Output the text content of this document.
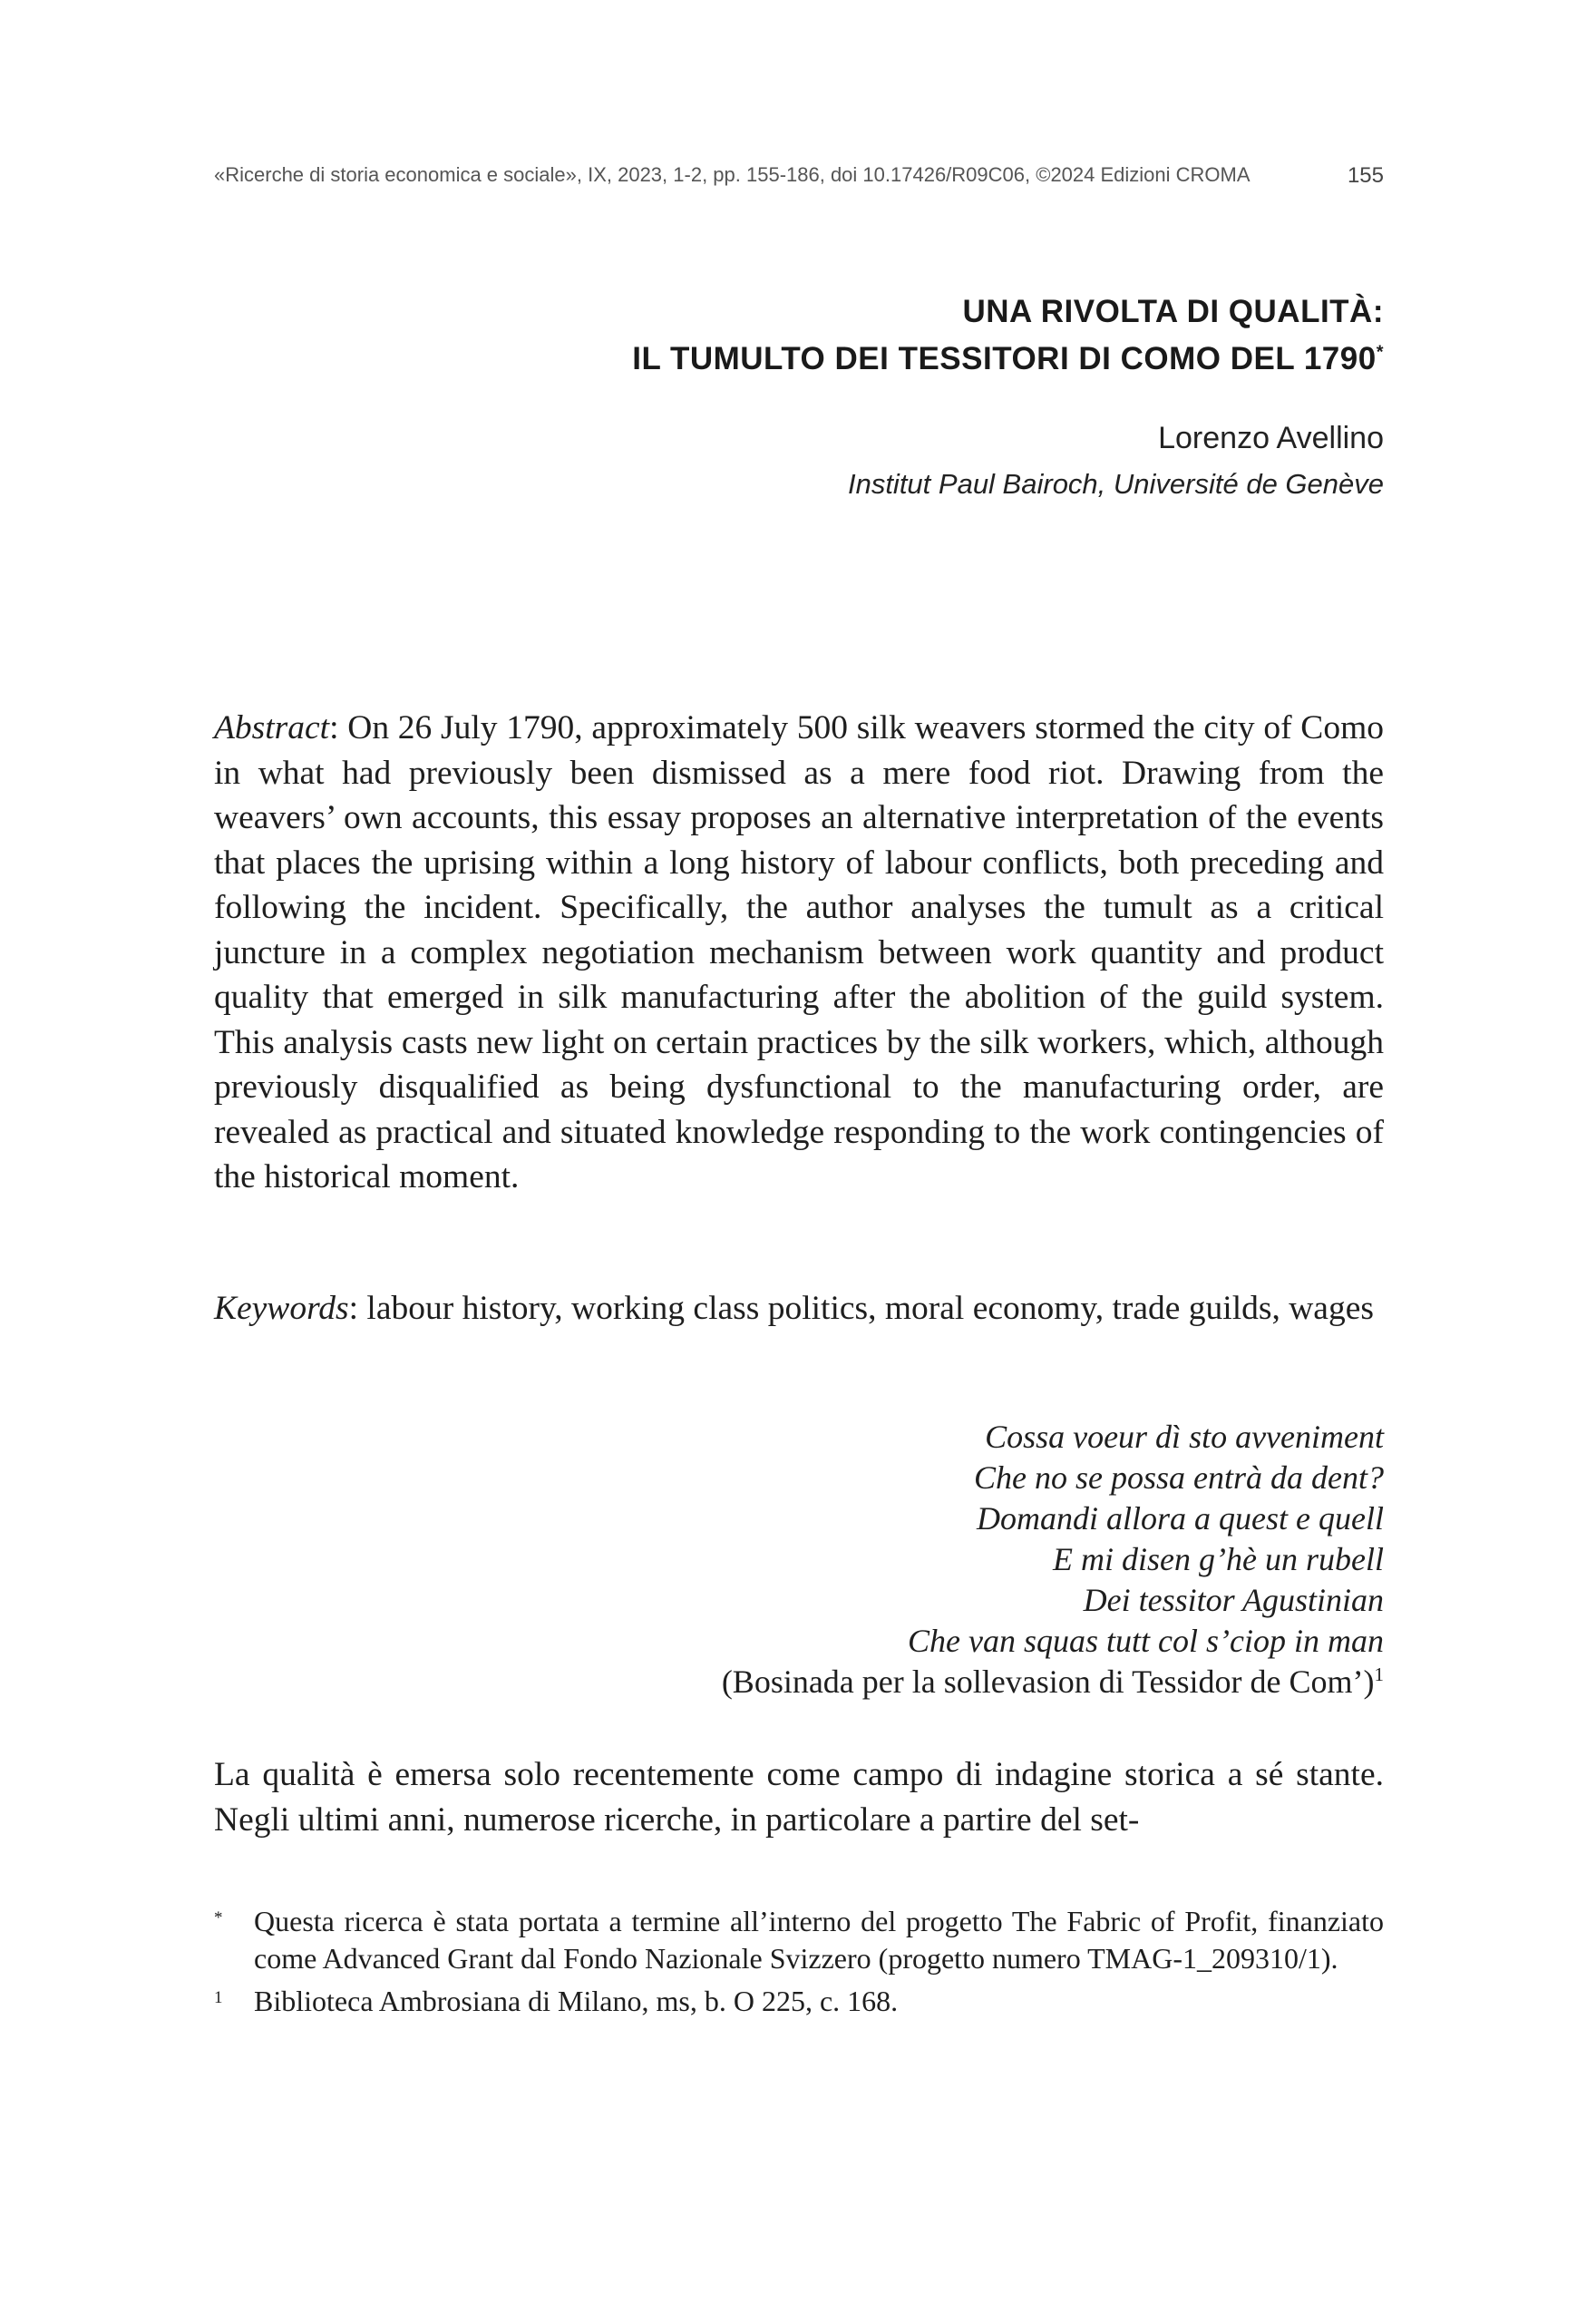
«Ricerche di storia economica e sociale», IX, 2023, 1-2, pp. 155-186, doi 10.17426/R09C06, ©2024 Edizioni CROMA	155
UNA RIVOLTA DI QUALITÀ:
IL TUMULTO DEI TESSITORI DI COMO DEL 1790*
Lorenzo Avellino
Institut Paul Bairoch, Université de Genève
Abstract: On 26 July 1790, approximately 500 silk weavers stormed the city of Como in what had previously been dismissed as a mere food riot. Drawing from the weavers’ own accounts, this essay proposes an alternative interpretation of the events that places the uprising within a long history of labour conflicts, both preceding and following the incident. Specifically, the author analyses the tumult as a critical juncture in a complex negotiation mechanism between work quantity and product quality that emerged in silk manufacturing after the abolition of the guild system. This analysis casts new light on certain practices by the silk workers, which, although previously disqualified as being dysfunctional to the manufacturing order, are revealed as practical and situated knowledge responding to the work contingencies of the historical moment.
Keywords: labour history, working class politics, moral economy, trade guilds, wages
Cossa voeur dì sto avveniment
Che no se possa entrà da dent?
Domandi allora a quest e quell
E mi disen g’hè un rubell
Dei tessitor Agustinian
Che van squas tutt col s’ciop in man
(Bosinada per la sollevasion di Tessidor de Com’)$^1$
La qualità è emersa solo recentemente come campo di indagine storica a sé stante. Negli ultimi anni, numerose ricerche, in particolare a partire del set-
* Questa ricerca è stata portata a termine all’interno del progetto The Fabric of Profit, finanziato come Advanced Grant dal Fondo Nazionale Svizzero (progetto numero TMAG-1_209310/1).
1 Biblioteca Ambrosiana di Milano, ms, b. O 225, c. 168.
